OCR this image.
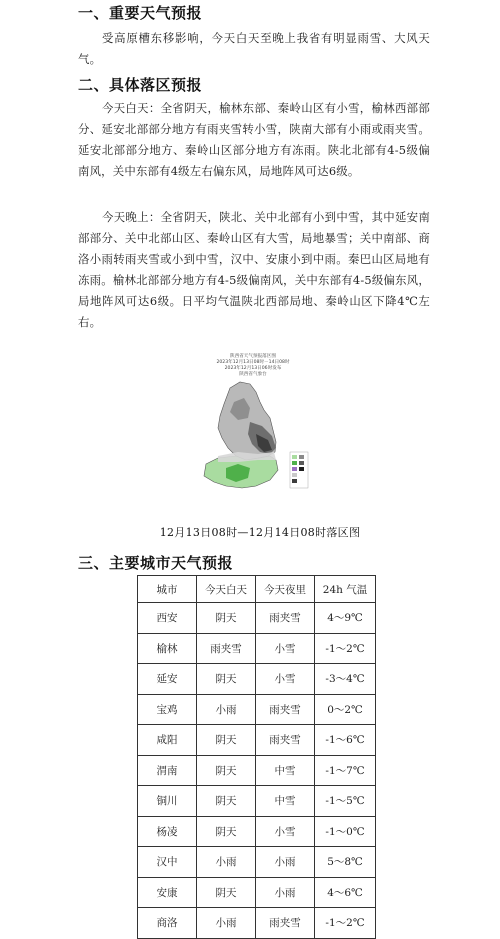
一、重要天气预报
受高原槽东移影响，今天白天至晚上我省有明显雨雪、大风天气。
二、具体落区预报
今天白天：全省阴天，榆林东部、秦岭山区有小雪，榆林西部部分、延安北部部分地方有雨夹雪转小雪，陕南大部有小雨或雨夹雪。延安北部部分地方、秦岭山区部分地方有冻雨。陕北北部有4-5级偏南风，关中东部有4级左右偏东风，局地阵风可达6级。
今天晚上：全省阴天，陕北、关中北部有小到中雪，其中延安南部部分、关中北部山区、秦岭山区有大雪，局地暴雪；关中南部、商洛小雨转雨夹雪或小到中雪，汉中、安康小到中雨。秦巴山区局地有冻雨。榆林北部部分地方有4-5级偏南风，关中东部有4-5级偏东风，局地阵风可达6级。日平均气温陕北西部局地、秦岭山区下降4℃左右。
陕西省天气预报落区图
2023年12月13日08时－14日08时
2023年12月13日06时发布
陕西省气象台
12月13日08时—12月14日08时落区图
三、主要城市天气预报
城市	今天白天	今天夜里	24h 气温
西安	阴天	雨夹雪	4～9℃
榆林	雨夹雪	小雪	-1～2℃
延安	阴天	小雪	-3～4℃
宝鸡	小雨	雨夹雪	0～2℃
咸阳	阴天	雨夹雪	-1～6℃
渭南	阴天	中雪	-1～7℃
铜川	阴天	中雪	-1～5℃
杨凌	阴天	小雪	-1～0℃
汉中	小雨	小雨	5～8℃
安康	阴天	小雨	4～6℃
商洛	小雨	雨夹雪	-1～2℃
